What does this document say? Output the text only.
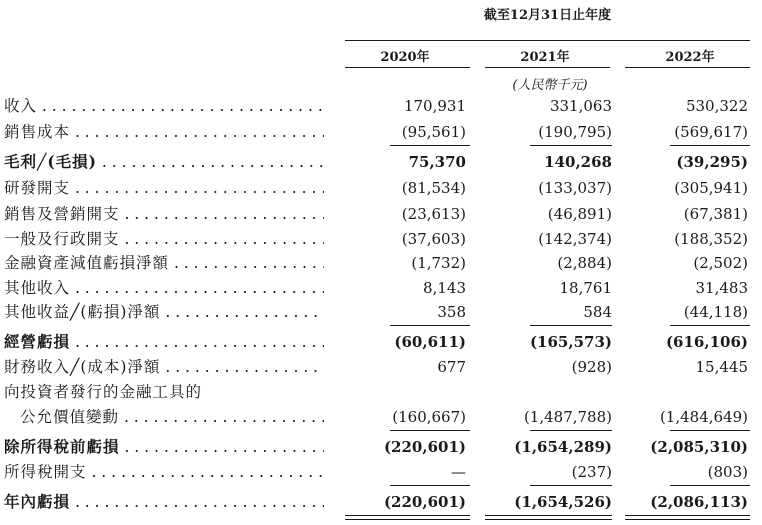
截至12月31日止年度
2020年	2021年	2022年
(人民幣千元)
收入 . . .	170,931	331,063	530,322
銷售成本 . . .	(95,561)	(190,795)	(569,617)
毛利╱(毛損) . . .	75,370	140,268	(39,295)
研發開支 . . .	(81,534)	(133,037)	(305,941)
銷售及營銷開支 . . .	(23,613)	(46,891)	(67,381)
一般及行政開支 . . .	(37,603)	(142,374)	(188,352)
金融資產減值虧損淨額 . . .	(1,732)	(2,884)	(2,502)
其他收入 . . .	8,143	18,761	31,483
其他收益╱(虧損)淨額 . . .	358	584	(44,118)
經營虧損 . . .	(60,611)	(165,573)	(616,106)
財務收入╱(成本)淨額 . . .	677	(928)	15,445
向投資者發行的金融工具的
公允價值變動 . . .	(160,667)	(1,487,788)	(1,484,649)
除所得稅前虧損 . . .	(220,601)	(1,654,289)	(2,085,310)
所得稅開支 . . .	—	(237)	(803)
年內虧損 . . .	(220,601)	(1,654,526)	(2,086,113)
